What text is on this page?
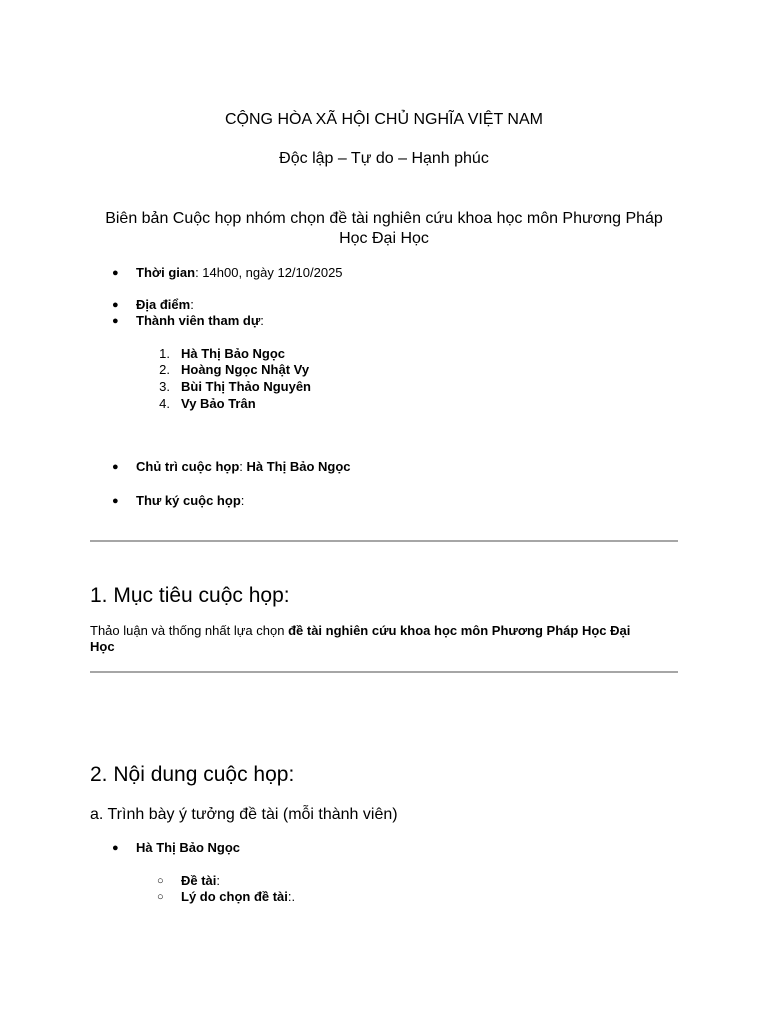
CỘNG HÒA XÃ HỘI CHỦ NGHĨA VIỆT NAM
Độc lập – Tự do – Hạnh phúc
Biên bản Cuộc họp nhóm chọn đề tài nghiên cứu khoa học môn Phương Pháp Học Đại Học
● Thời gian: 14h00, ngày 12/10/2025
● Địa điểm:
● Thành viên tham dự:
1. Hà Thị Bảo Ngọc
2. Hoàng Ngọc Nhật Vy
3. Bùi Thị Thảo Nguyên
4. Vy Bảo Trân
● Chủ trì cuộc họp: Hà Thị Bảo Ngọc
● Thư ký cuộc họp:
1. Mục tiêu cuộc họp:
Thảo luận và thống nhất lựa chọn đề tài nghiên cứu khoa học môn Phương Pháp Học Đại
Học
2. Nội dung cuộc họp:
a. Trình bày ý tưởng đề tài (mỗi thành viên)
● Hà Thị Bảo Ngọc
○ Đề tài:
○ Lý do chọn đề tài:.
